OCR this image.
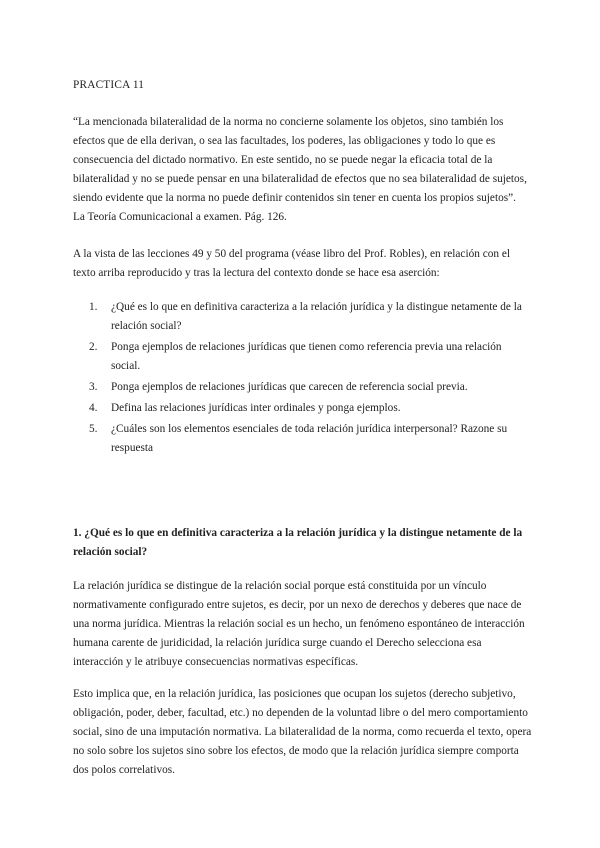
PRACTICA 11

“La mencionada bilateralidad de la norma no concierne solamente los objetos, sino también los efectos que de ella derivan, o sea las facultades, los poderes, las obligaciones y todo lo que es consecuencia del dictado normativo. En este sentido, no se puede negar la eficacia total de la bilateralidad y no se puede pensar en una bilateralidad de efectos que no sea bilateralidad de sujetos, siendo evidente que la norma no puede definir contenidos sin tener en cuenta los propios sujetos”.

La Teoría Comunicacional a examen. Pág. 126.

A la vista de las lecciones 49 y 50 del programa (véase libro del Prof. Robles), en relación con el texto arriba reproducido y tras la lectura del contexto donde se hace esa aserción:

1. ¿Qué es lo que en definitiva caracteriza a la relación jurídica y la distingue netamente de la relación social?
2. Ponga ejemplos de relaciones jurídicas que tienen como referencia previa una relación social.
3. Ponga ejemplos de relaciones jurídicas que carecen de referencia social previa.
4. Defina las relaciones jurídicas inter ordinales y ponga ejemplos.
5. ¿Cuáles son los elementos esenciales de toda relación jurídica interpersonal? Razone su respuesta

1. ¿Qué es lo que en definitiva caracteriza a la relación jurídica y la distingue netamente de la relación social?

La relación jurídica se distingue de la relación social porque está constituida por un vínculo normativamente configurado entre sujetos, es decir, por un nexo de derechos y deberes que nace de una norma jurídica. Mientras la relación social es un hecho, un fenómeno espontáneo de interacción humana carente de juridicidad, la relación jurídica surge cuando el Derecho selecciona esa interacción y le atribuye consecuencias normativas específicas.

Esto implica que, en la relación jurídica, las posiciones que ocupan los sujetos (derecho subjetivo, obligación, poder, deber, facultad, etc.) no dependen de la voluntad libre o del mero comportamiento social, sino de una imputación normativa. La bilateralidad de la norma, como recuerda el texto, opera no solo sobre los sujetos sino sobre los efectos, de modo que la relación jurídica siempre comporta dos polos correlativos.
